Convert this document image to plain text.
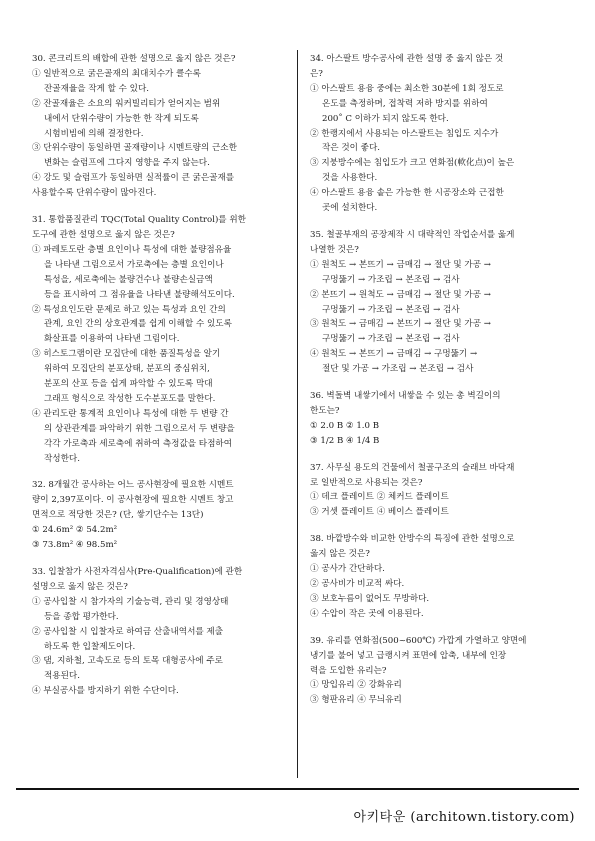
30. 콘크리트의 배합에 관한 설명으로 옳지 않은 것은?

① 일반적으로 굵은골재의 최대치수가 클수록

잔골재율을 작게 할 수 있다.

② 잔골재율은 소요의 워커빌리티가 얻어지는 범위

내에서 단위수량이 가능한 한 작게 되도록

시험비빔에 의해 결정한다.

③ 단위수량이 동일하면 골재량이나 시멘트량의 근소한

변화는 슬럼프에 그다지 영향을 주지 않는다.

④ 강도 및 슬럼프가 동일하면 실적률이 큰 굵은골재를

사용할수록 단위수량이 많아진다.

31. 통합품질관리 TQC(Total Quality Control)를 위한

도구에 관한 설명으로 옳지 않은 것은?

① 파레토도란 층별 요인이나 특성에 대한 불량점유율

을 나타낸 그림으로서 가로축에는 층별 요인이나

특성을, 세로축에는 불량건수나 불량손실금액

등을 표시하여 그 점유율을 나타낸 불량해석도이다.

② 특성요인도란 문제로 하고 있는 특성과 요인 간의

관계, 요인 간의 상호관계를 쉽게 이해할 수 있도록

화살표를 이용하여 나타낸 그림이다.

③ 히스토그램이란 모집단에 대한 품질특성을 알기

위하여 모집단의 분포상태, 분포의 중심위치,

분포의 산포 등을 쉽게 파악할 수 있도록 막대

그래프 형식으로 작성한 도수분포도를 말한다.

④ 관리도란 통계적 요인이나 특성에 대한 두 변량 간

의 상관관계를 파악하기 위한 그림으로서 두 변량을

각각 가로축과 세로축에 취하여 측정값을 타점하여

작성한다.

32. 8개월간 공사하는 어느 공사현장에 필요한 시멘트

량이 2,397포이다. 이 공사현장에 필요한 시멘트 창고

면적으로 적당한 것은? (단, 쌓기단수는 13단)

① 24.6m² ② 54.2m²

③ 73.8m² ④ 98.5m²

33. 입찰참가 사전자격심사(Pre-Qualification)에 관한

설명으로 옳지 않은 것은?

① 공사입찰 시 참가자의 기술능력, 관리 및 경영상태

등을 종합 평가한다.

② 공사입찰 시 입찰자로 하여금 산출내역서를 제출

하도록 한 입찰제도이다.

③ 댐, 지하철, 고속도로 등의 토목 대형공사에 주로

적용된다.

④ 부실공사를 방지하기 위한 수단이다.

34. 아스팔트 방수공사에 관한 설명 중 옳지 않은 것

은?

① 아스팔트 용융 중에는 최소한 30분에 1회 정도로

온도를 측정하며, 접착력 저하 방지를 위하여

200˚ C 이하가 되지 않도록 한다.

② 한랭지에서 사용되는 아스팔트는 침입도 지수가

작은 것이 좋다.

③ 지붕방수에는 침입도가 크고 연화점(軟化点)이 높은

것을 사용한다.

④ 아스팔트 용융 솥은 가능한 한 시공장소와 근접한

곳에 설치한다.

35. 철골부재의 공장제작 시 대략적인 작업순서를 옳게

나열한 것은?

① 원척도 → 본뜨기 → 금매김 → 절단 및 가공 →

구멍뚫기 → 가조립 → 본조립 → 검사

② 본뜨기 → 원척도 → 금매김 → 절단 및 가공 →

구멍뚫기 → 가조립 → 본조립 → 검사

③ 원척도 → 금매김 → 본뜨기 → 절단 및 가공 →

구멍뚫기 → 가조립 → 본조립 → 검사

④ 원척도 → 본뜨기 → 금매김 → 구멍뚫기 →

절단 및 가공 → 가조립 → 본조립 → 검사

36. 벽돌벽 내쌓기에서 내쌓을 수 있는 총 벽길이의

한도는?

① 2.0 B ② 1.0 B

③ 1/2 B ④ 1/4 B

37. 사무실 용도의 건물에서 철골구조의 슬래브 바닥재

로 일반적으로 사용되는 것은?

① 데크 플레이트 ② 체커드 플레이트

③ 거셋 플레이트 ④ 베이스 플레이트

38. 바깥방수와 비교한 안방수의 특징에 관한 설명으로

옳지 않은 것은?

① 공사가 간단하다.

② 공사비가 비교적 싸다.

③ 보호누름이 없어도 무방하다.

④ 수압이 작은 곳에 이용된다.

39. 유리를 연화점(500~600℃) 가깝게 가열하고 양면에

냉기를 불어 넣고 급랭시켜 표면에 압축, 내부에 인장

력을 도입한 유리는?

① 망입유리 ② 강화유리

③ 형판유리 ④ 무늬유리

아키타운 (architown.tistory.com)
